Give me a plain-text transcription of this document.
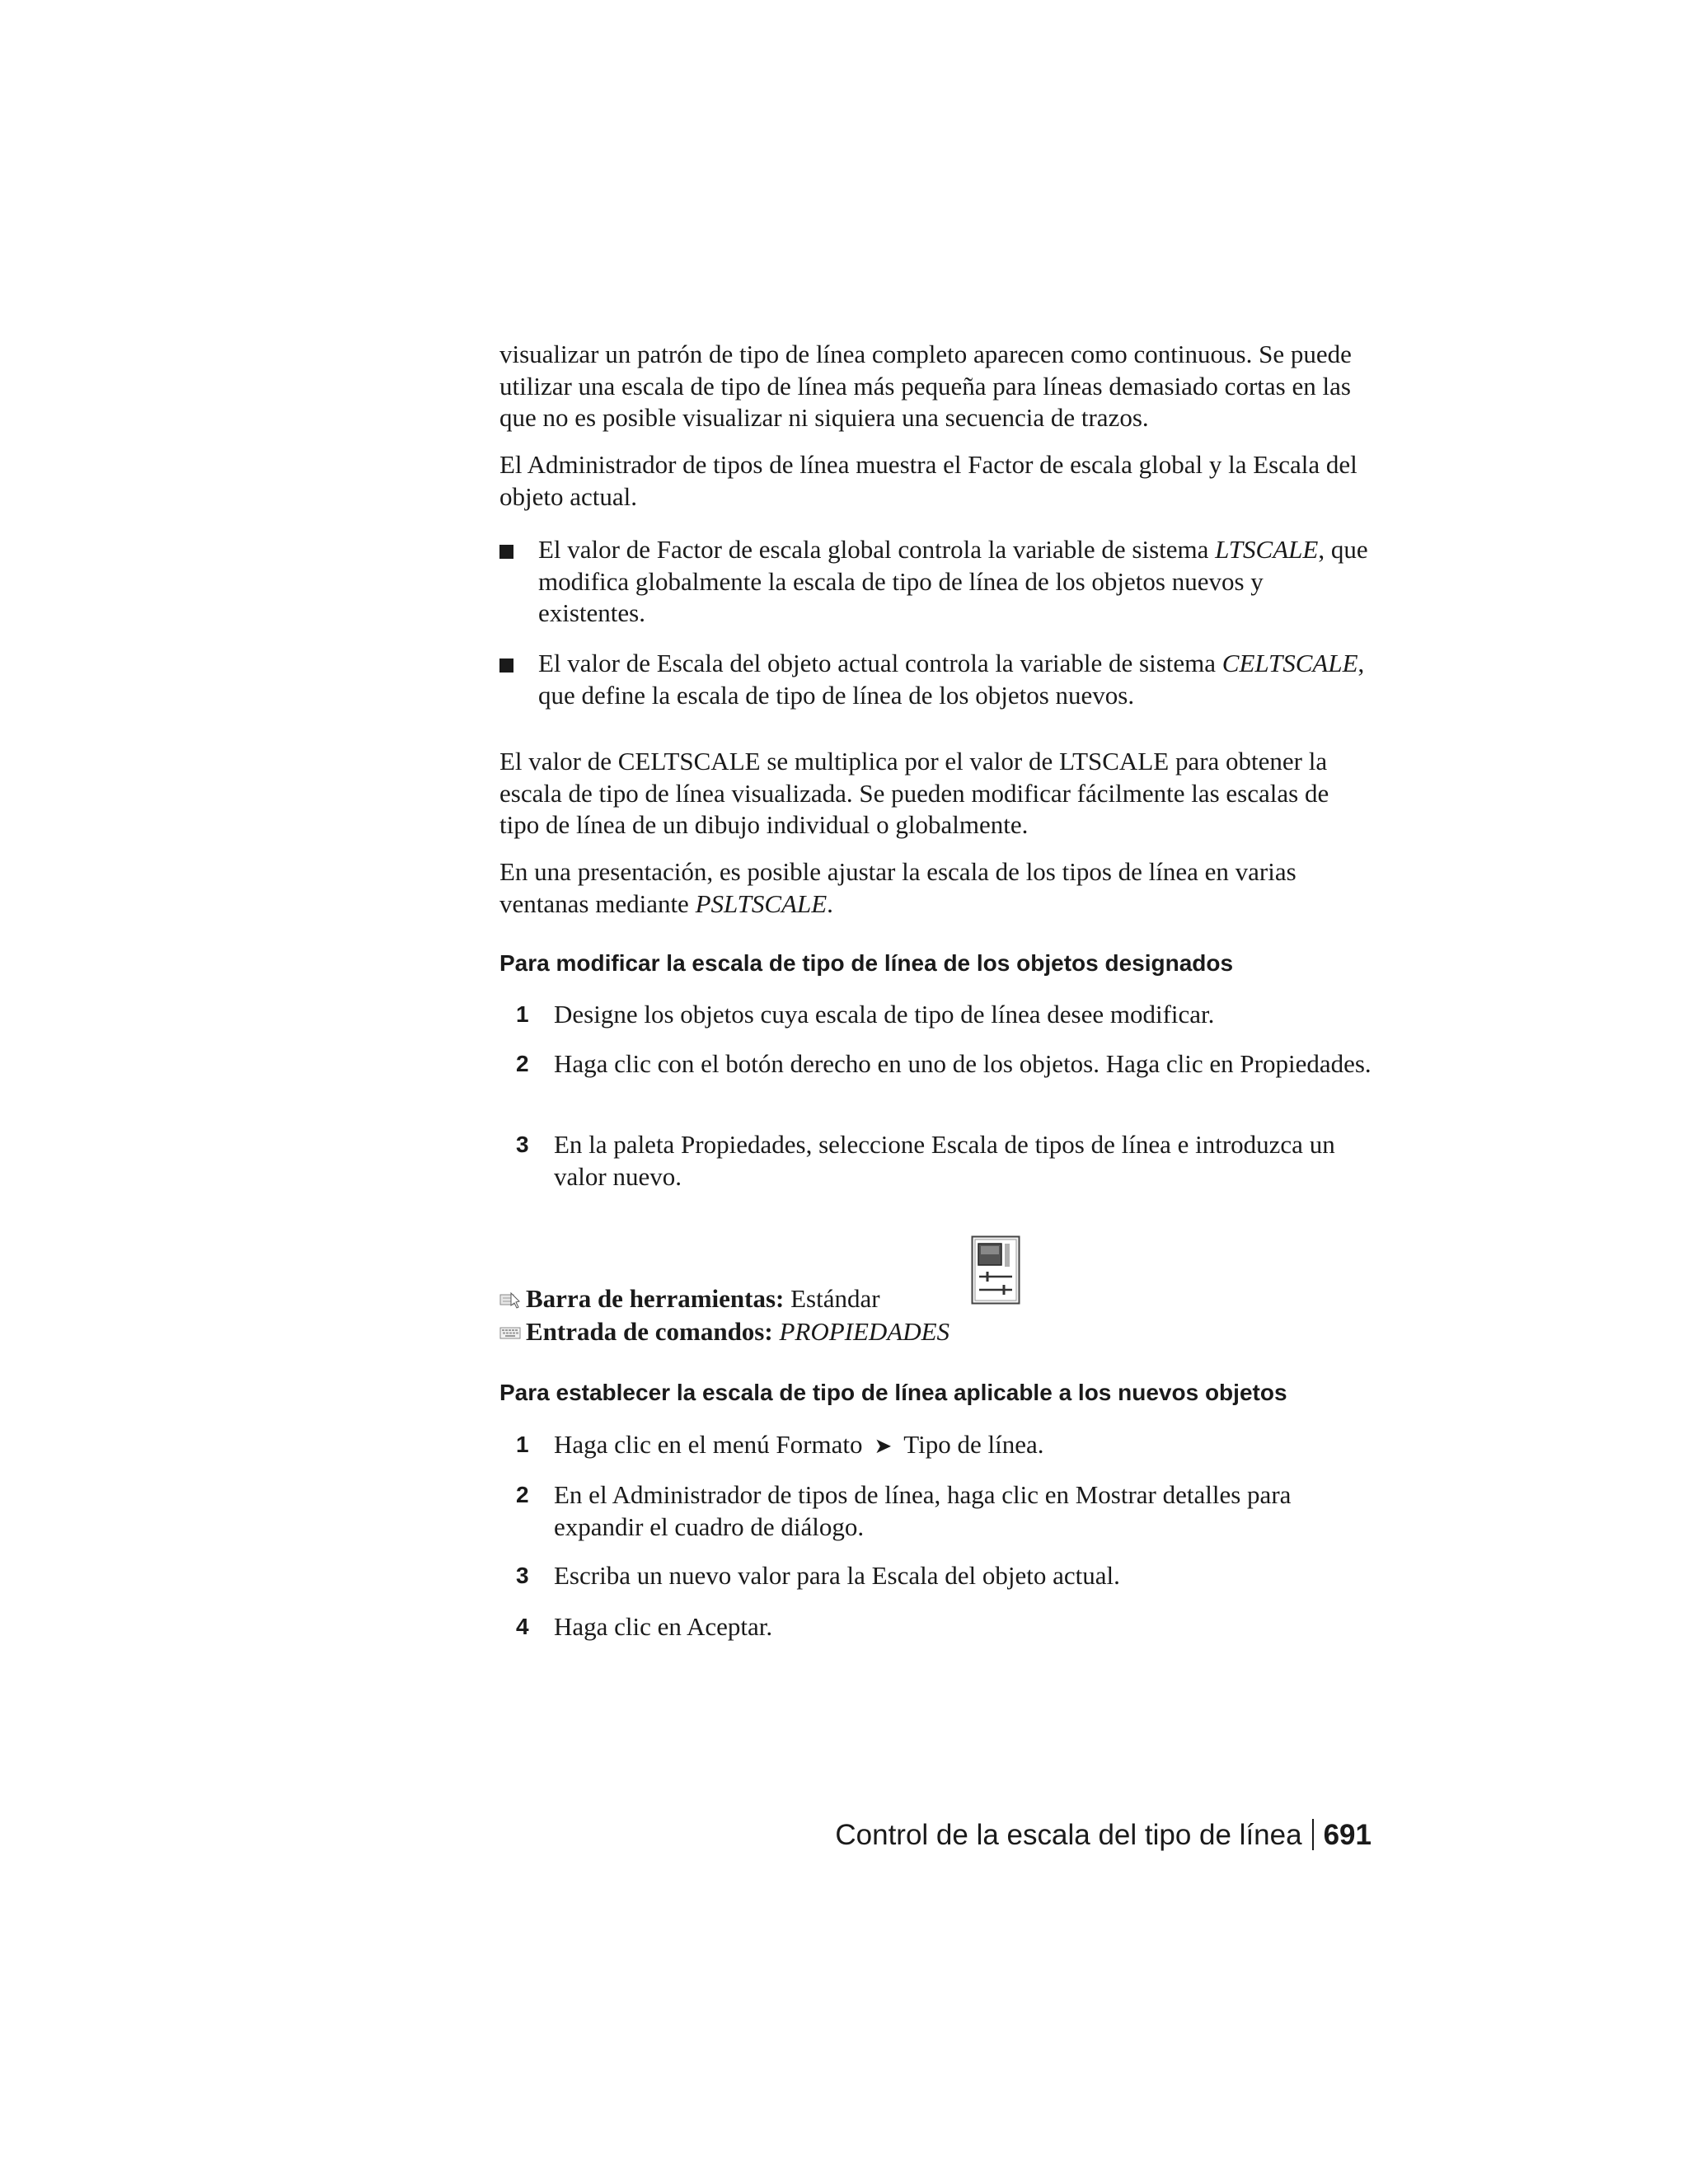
visualizar un patrón de tipo de línea completo aparecen como continuous. Se puede utilizar una escala de tipo de línea más pequeña para líneas demasiado cortas en las que no es posible visualizar ni siquiera una secuencia de trazos.

El Administrador de tipos de línea muestra el Factor de escala global y la Escala del objeto actual.

El valor de Factor de escala global controla la variable de sistema LTSCALE, que modifica globalmente la escala de tipo de línea de los objetos nuevos y existentes.
El valor de Escala del objeto actual controla la variable de sistema CELTSCALE, que define la escala de tipo de línea de los objetos nuevos.

El valor de CELTSCALE se multiplica por el valor de LTSCALE para obtener la escala de tipo de línea visualizada. Se pueden modificar fácilmente las escalas de tipo de línea de un dibujo individual o globalmente.

En una presentación, es posible ajustar la escala de los tipos de línea en varias ventanas mediante PSLTSCALE.

Para modificar la escala de tipo de línea de los objetos designados
1 Designe los objetos cuya escala de tipo de línea desee modificar.
2 Haga clic con el botón derecho en uno de los objetos. Haga clic en Propiedades.
3 En la paleta Propiedades, seleccione Escala de tipos de línea e introduzca un valor nuevo.
Barra de herramientas: Estándar
Entrada de comandos: PROPIEDADES
Para establecer la escala de tipo de línea aplicable a los nuevos objetos
1 Haga clic en el menú Formato ➤ Tipo de línea.
2 En el Administrador de tipos de línea, haga clic en Mostrar detalles para expandir el cuadro de diálogo.
3 Escriba un nuevo valor para la Escala del objeto actual.
4 Haga clic en Aceptar.
Control de la escala del tipo de línea 691
